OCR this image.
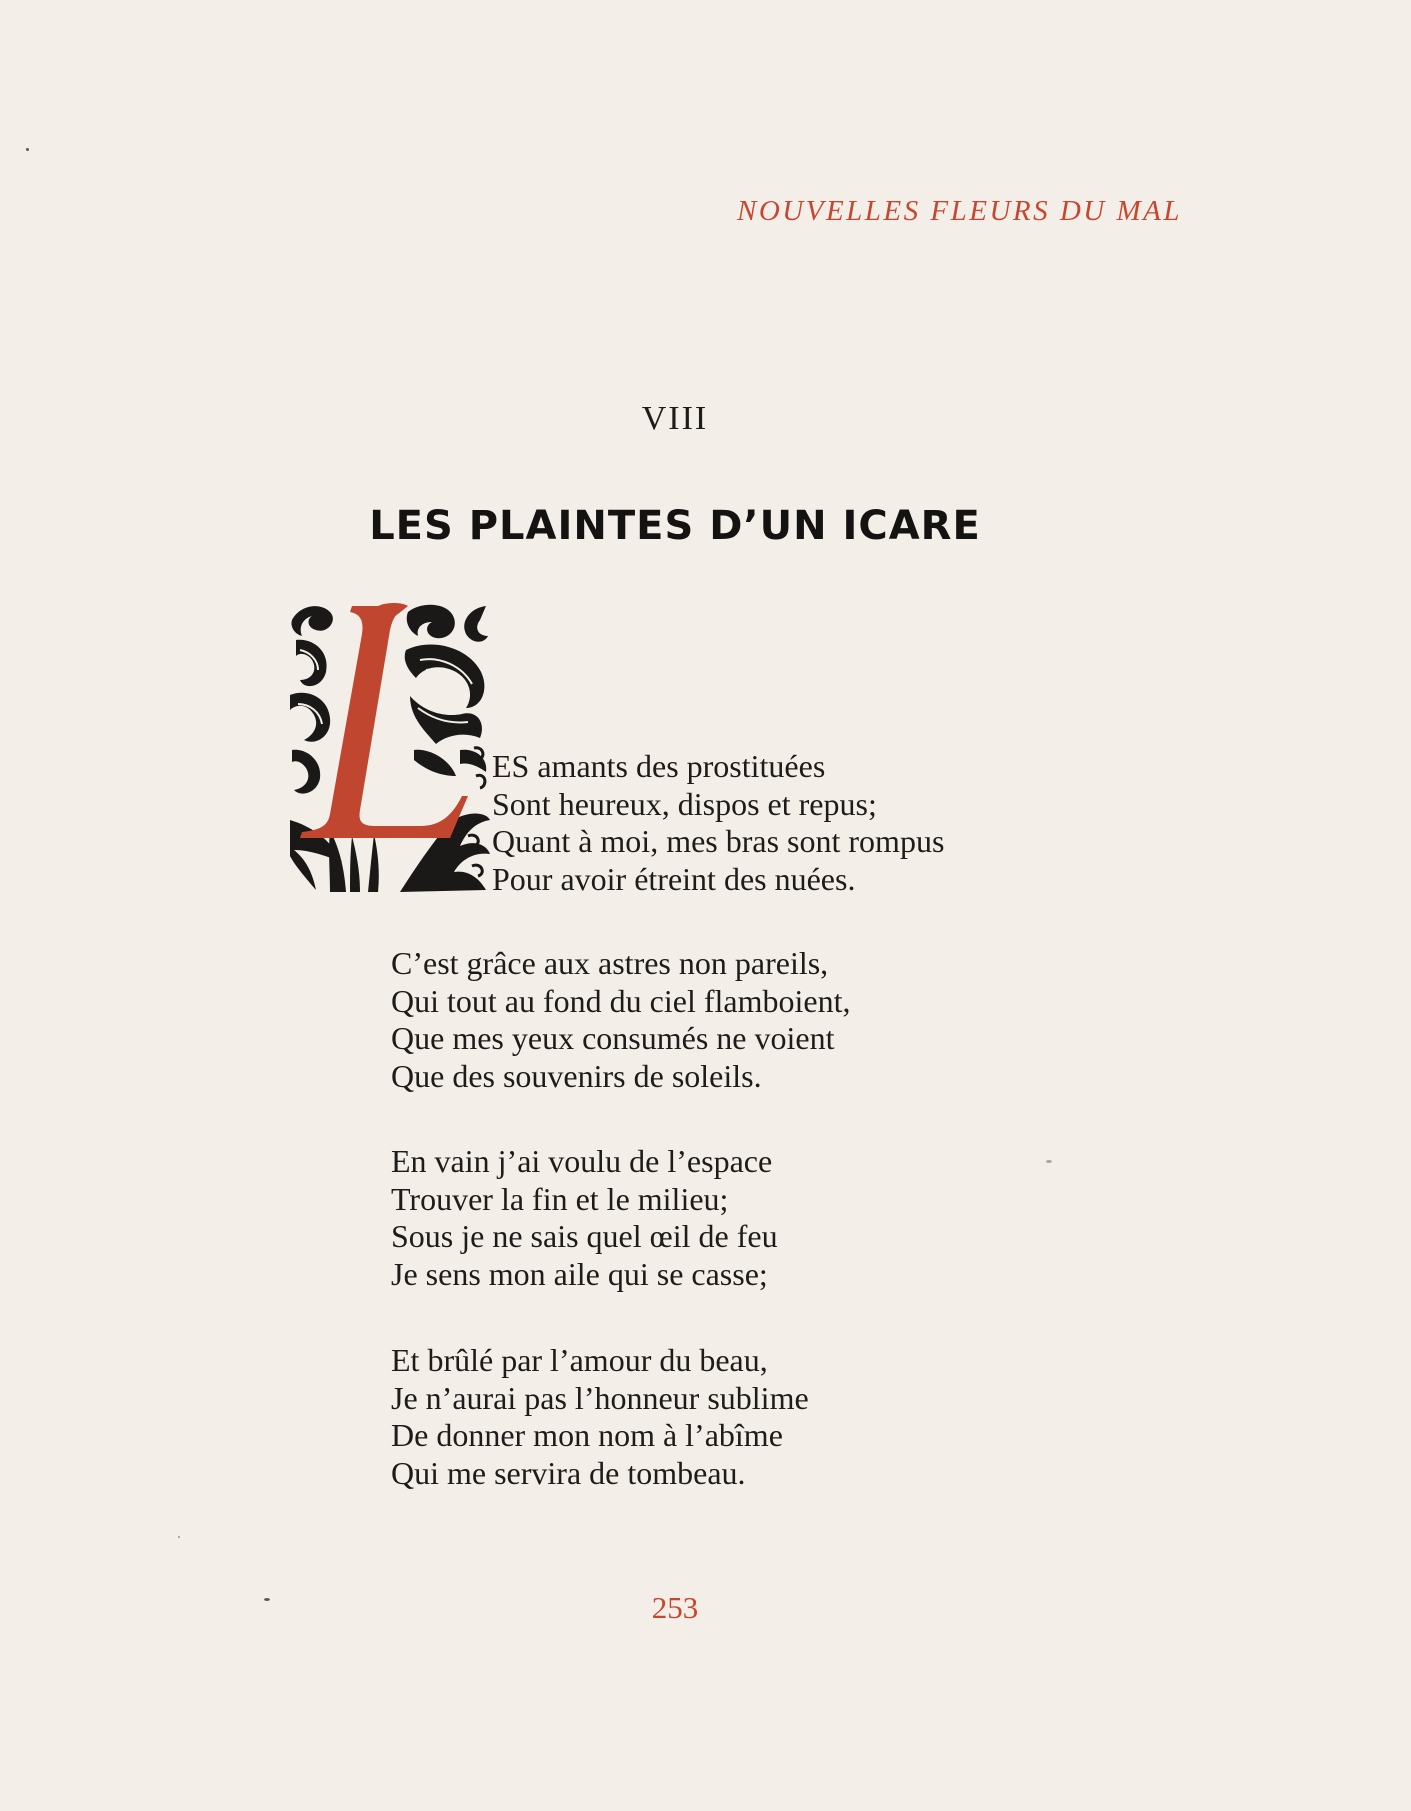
NOUVELLES FLEURS DU MAL
VIII
LES PLAINTES D’UN ICARE
ES amants des prostituées
Sont heureux, dispos et repus;
Quant à moi, mes bras sont rompus
Pour avoir étreint des nuées.
C’est grâce aux astres non pareils,
Qui tout au fond du ciel flamboient,
Que mes yeux consumés ne voient
Que des souvenirs de soleils.
En vain j’ai voulu de l’espace
Trouver la fin et le milieu;
Sous je ne sais quel œil de feu
Je sens mon aile qui se casse;
Et brûlé par l’amour du beau,
Je n’aurai pas l’honneur sublime
De donner mon nom à l’abîme
Qui me servira de tombeau.
253
